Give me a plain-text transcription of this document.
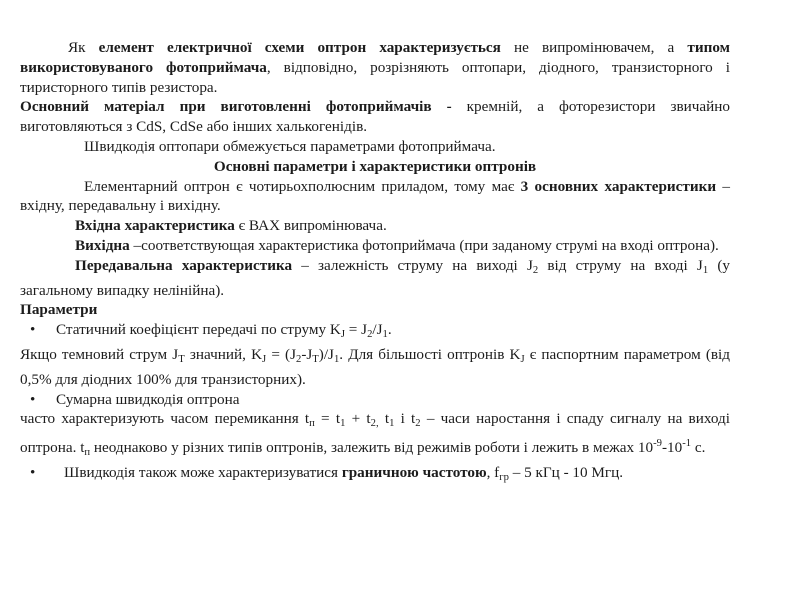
Як елемент електричної схеми оптрон характеризується не випромінювачем, а типом використовуваного фотоприймача, відповідно, розрізняють оптопари, діодного, транзисторного і тиристорного типів резистора.

Основний матеріал при виготовленні фотоприймачів - кремній, а фоторезистори звичайно виготовляються з CdS, CdSe або інших халькогенідів.

Швидкодія оптопари обмежується параметрами фотоприймача.

Основні параметри і характеристики оптронів

Елементарний оптрон є чотирьохполюсним приладом, тому має 3 основних характеристики – вхідну, передавальну і вихідну.

Вхідна характеристика є ВАХ випромінювача.

Вихідна –соответствующая характеристика фотоприймача (при заданому струмі на вході оптрона).

Передавальна характеристика – залежність струму на виході $J_2$ від струму на вході $J_1$ (у загальному випадку нелінійна).

Параметри

•	Статичний коефіцієнт передачі по струму $K_J = J_2/J_1$.

Якщо темновий струм $J_T$ значний, $K_J = (J_2-J_T)/J_1$. Для більшості оптронів $K_J$ є паспортним параметром (від 0,5% для діодних 100% для транзисторних).

•	Сумарна швидкодія оптрона

часто характеризують часом перемикання $t_п = t_1 + t_{2,}$ $t_1$ і $t_2$ – часи наростання і спаду сигналу на виході оптрона. $t_п$ неоднаково у різних типів оптронів, залежить від режимів роботи і лежить в межах $10^{-9}-10^{-1}$ с.

•	Швидкодія також може характеризуватися граничною частотою, $f_{гр} - 5$ кГц - 10 Мгц.
